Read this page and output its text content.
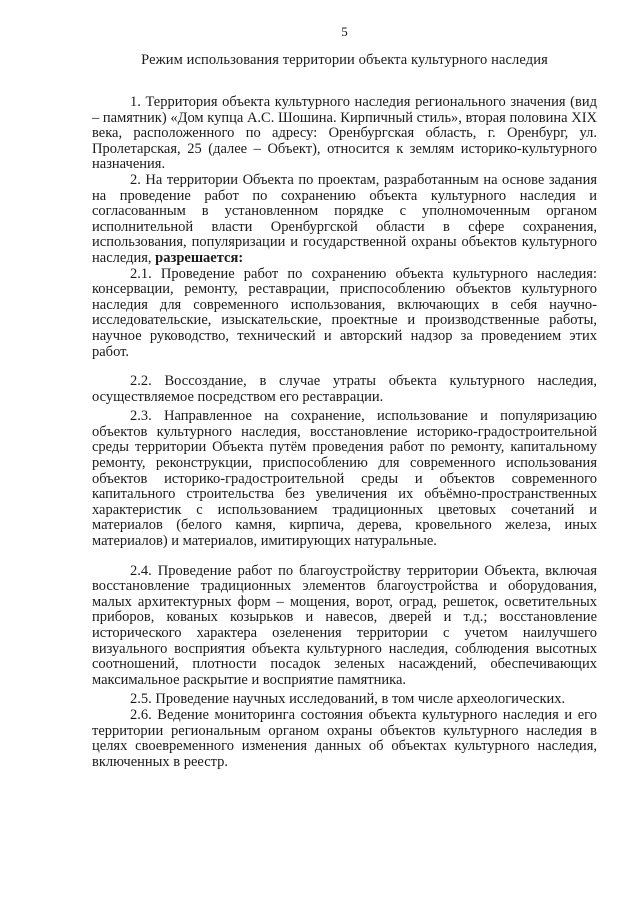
5
Режим использования территории объекта культурного наследия

1. Территория объекта культурного наследия регионального значения (вид – памятник) «Дом купца А.С. Шошина. Кирпичный стиль», вторая половина XIX века, расположенного по адресу: Оренбургская область, г. Оренбург, ул. Пролетарская, 25 (далее – Объект), относится к землям историко-культурного назначения.

2. На территории Объекта по проектам, разработанным на основе задания на проведение работ по сохранению объекта культурного наследия и согласованным в установленном порядке с уполномоченным органом исполнительной власти Оренбургской области в сфере сохранения, использования, популяризации и государственной охраны объектов культурного наследия, разрешается:

2.1. Проведение работ по сохранению объекта культурного наследия: консервации, ремонту, реставрации, приспособлению объектов культурного наследия для современного использования, включающих в себя научно-исследовательские, изыскательские, проектные и производственные работы, научное руководство, технический и авторский надзор за проведением этих работ.

2.2. Воссоздание, в случае утраты объекта культурного наследия, осуществляемое посредством его реставрации.

2.3. Направленное на сохранение, использование и популяризацию объектов культурного наследия, восстановление историко-градостроительной среды территории Объекта путём проведения работ по ремонту, капитальному ремонту, реконструкции, приспособлению для современного использования объектов историко-градостроительной среды и объектов современного капитального строительства без увеличения их объёмно-пространственных характеристик с использованием традиционных цветовых сочетаний и материалов (белого камня, кирпича, дерева, кровельного железа, иных материалов) и материалов, имитирующих натуральные.

2.4. Проведение работ по благоустройству территории Объекта, включая восстановление традиционных элементов благоустройства и оборудования, малых архитектурных форм – мощения, ворот, оград, решеток, осветительных приборов, кованых козырьков и навесов, дверей и т.д.; восстановление исторического характера озеленения территории с учетом наилучшего визуального восприятия объекта культурного наследия, соблюдения высотных соотношений, плотности посадок зеленых насаждений, обеспечивающих максимальное раскрытие и восприятие памятника.

2.5. Проведение научных исследований, в том числе археологических.

2.6. Ведение мониторинга состояния объекта культурного наследия и его территории региональным органом охраны объектов культурного наследия в целях своевременного изменения данных об объектах культурного наследия, включенных в реестр.
